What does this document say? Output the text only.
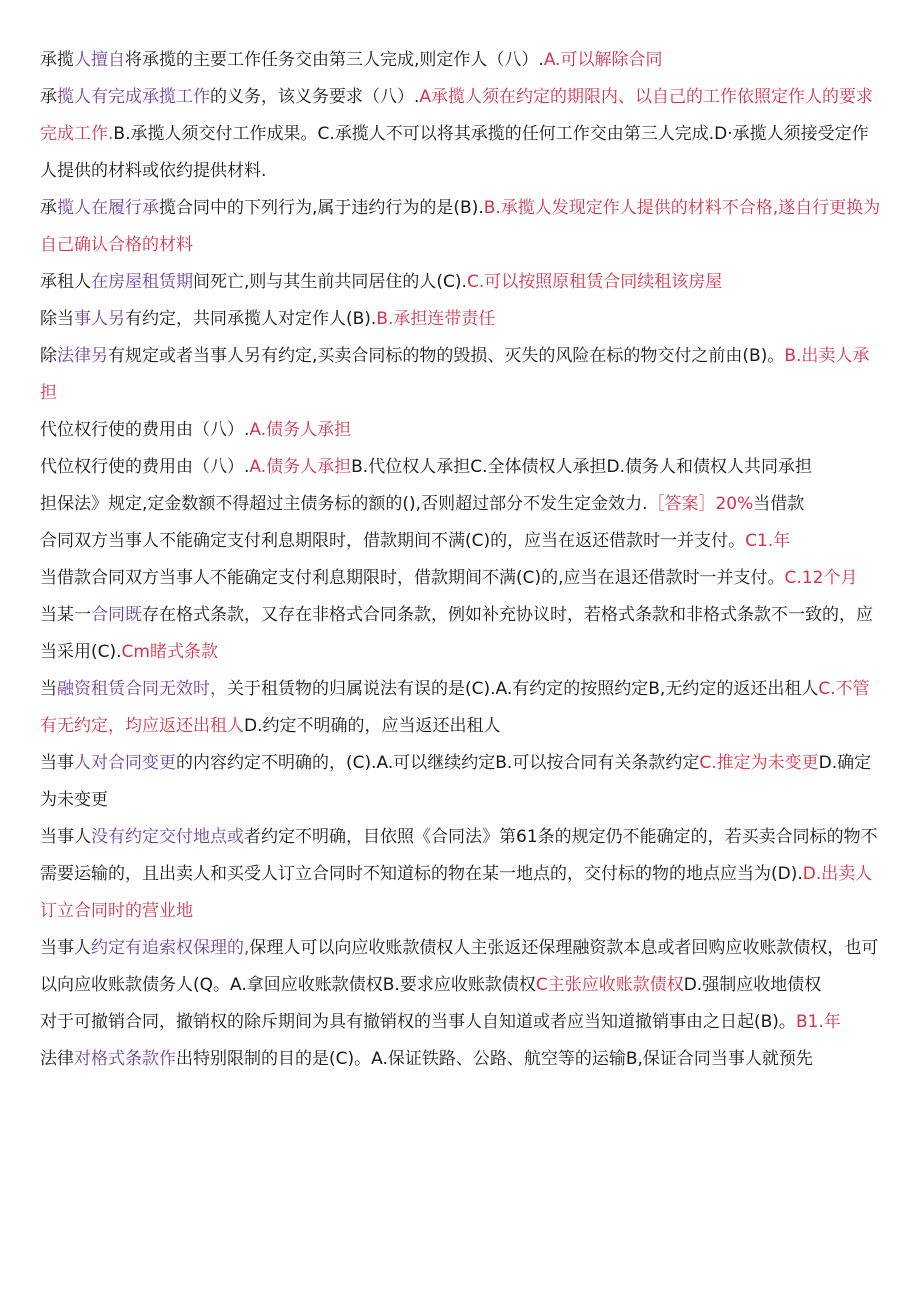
承揽人擅自将承揽的主要工作任务交由第三人完成,则定作人（八）.A.可以解除合同

承揽人有完成承揽工作的义务，该义务要求（八）.A承揽人须在约定的期限内、以自己的工作依照定作人的要求完成工作.B.承揽人须交付工作成果。C.承揽人不可以将其承揽的任何工作交由第三人完成.D·承揽人须接受定作人提供的材料或依约提供材料.

承揽人在履行承揽合同中的下列行为,属于违约行为的是(B).B.承揽人发现定作人提供的材料不合格,遂自行更换为自己确认合格的材料

承租人在房屋租赁期间死亡,则与其生前共同居住的人(C).C.可以按照原租赁合同续租该房屋

除当事人另有约定，共同承揽人对定作人(B).B.承担连带责任

除法律另有规定或者当事人另有约定,买卖合同标的物的毁损、灭失的风险在标的物交付之前由(B)。B.出卖人承担

代位权行使的费用由（八）.A.债务人承担

代位权行使的费用由（八）.A.债务人承担B.代位权人承担C.全体债权人承担D.债务人和债权人共同承担

担保法》规定,定金数额不得超过主债务标的额的(),否则超过部分不发生定金效力.［答案］20%当借款

合同双方当事人不能确定支付利息期限时，借款期间不满(C)的，应当在返还借款时一并支付。C1.年

当借款合同双方当事人不能确定支付利息期限时，借款期间不满(C)的,应当在退还借款时一并支付。C.12个月

当某一合同既存在格式条款，又存在非格式合同条款，例如补充协议时，若格式条款和非格式条款不一致的，应当采用(C).Cm睹式条款

当融资租赁合同无效时，关于租赁物的归属说法有误的是(C).A.有约定的按照约定B,无约定的返还出租人C.不管有无约定，均应返还出租人D.约定不明确的，应当返还出租人

当事人对合同变更的内容约定不明确的，(C).A.可以继续约定B.可以按合同有关条款约定C.推定为未变更D.确定为未变更

当事人没有约定交付地点或者约定不明确，目依照《合同法》第61条的规定仍不能确定的，若买卖合同标的物不需要运输的，且出卖人和买受人订立合同时不知道标的物在某一地点的，交付标的物的地点应当为(D).D.出卖人订立合同时的营业地

当事人约定有追索权保理的,保理人可以向应收账款债权人主张返还保理融资款本息或者回购应收账款债权，也可以向应收账款债务人(Q。A.拿回应收账款债权B.要求应收账款债权C主张应收账款债权D.强制应收地债权

对于可撤销合同，撤销权的除斥期间为具有撤销权的当事人自知道或者应当知道撤销事由之日起(B)。B1.年

法律对格式条款作出特别限制的目的是(C)。A.保证铁路、公路、航空等的运输B,保证合同当事人就预先
